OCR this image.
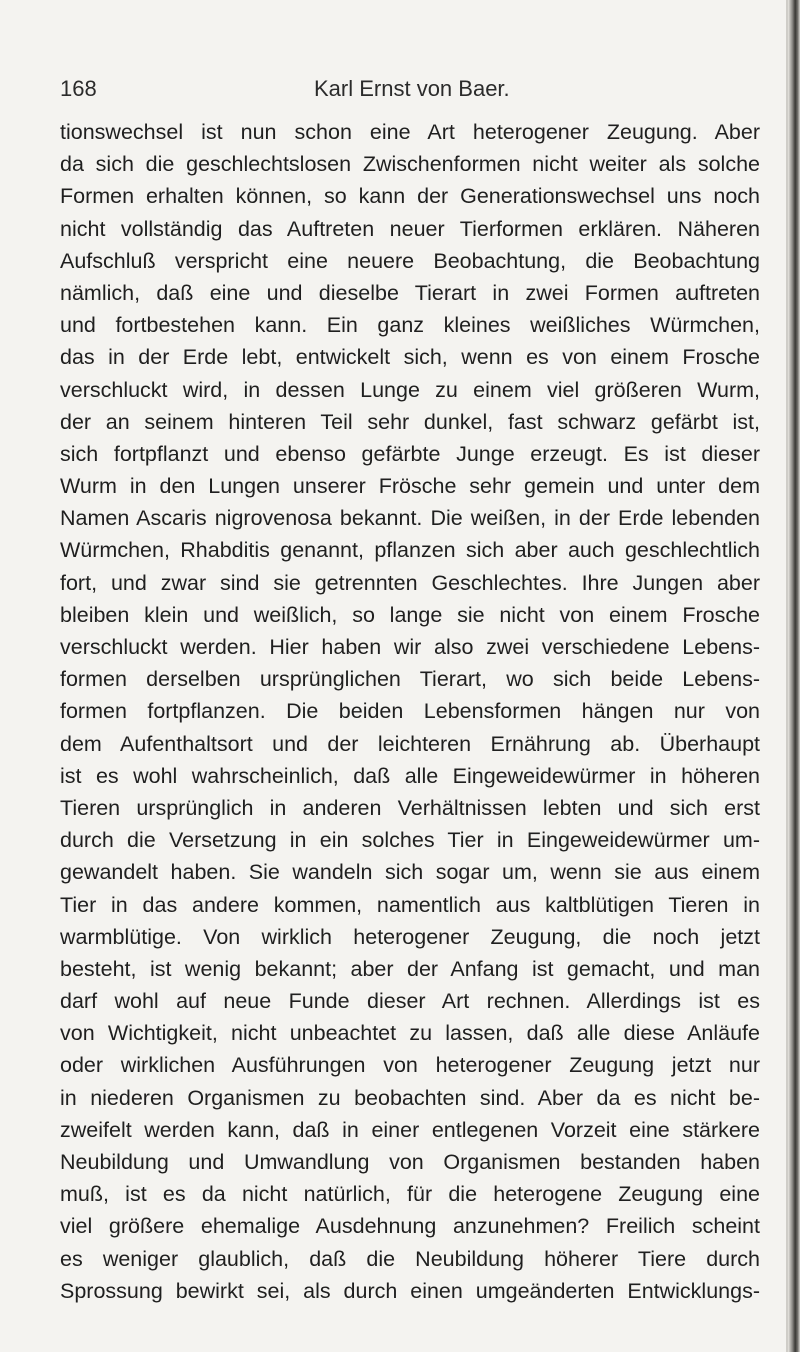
168	Karl Ernst von Baer.
tionswechsel ist nun schon eine Art heterogener Zeugung. Aber
da sich die geschlechtslosen Zwischenformen nicht weiter als solche
Formen erhalten können, so kann der Generationswechsel uns noch
nicht vollständig das Auftreten neuer Tierformen erklären. Näheren
Aufschluß verspricht eine neuere Beobachtung, die Beobachtung
nämlich, daß eine und dieselbe Tierart in zwei Formen auftreten
und fortbestehen kann. Ein ganz kleines weißliches Würmchen,
das in der Erde lebt, entwickelt sich, wenn es von einem Frosche
verschluckt wird, in dessen Lunge zu einem viel größeren Wurm,
der an seinem hinteren Teil sehr dunkel, fast schwarz gefärbt ist,
sich fortpflanzt und ebenso gefärbte Junge erzeugt. Es ist dieser
Wurm in den Lungen unserer Frösche sehr gemein und unter dem
Namen Ascaris nigrovenosa bekannt. Die weißen, in der Erde lebenden
Würmchen, Rhabditis genannt, pflanzen sich aber auch geschlechtlich
fort, und zwar sind sie getrennten Geschlechtes. Ihre Jungen aber
bleiben klein und weißlich, so lange sie nicht von einem Frosche
verschluckt werden. Hier haben wir also zwei verschiedene Lebens-
formen derselben ursprünglichen Tierart, wo sich beide Lebens-
formen fortpflanzen. Die beiden Lebensformen hängen nur von
dem Aufenthaltsort und der leichteren Ernährung ab. Überhaupt
ist es wohl wahrscheinlich, daß alle Eingeweidewürmer in höheren
Tieren ursprünglich in anderen Verhältnissen lebten und sich erst
durch die Versetzung in ein solches Tier in Eingeweidewürmer um-
gewandelt haben. Sie wandeln sich sogar um, wenn sie aus einem
Tier in das andere kommen, namentlich aus kaltblütigen Tieren in
warmblütige. Von wirklich heterogener Zeugung, die noch jetzt
besteht, ist wenig bekannt; aber der Anfang ist gemacht, und man
darf wohl auf neue Funde dieser Art rechnen. Allerdings ist es
von Wichtigkeit, nicht unbeachtet zu lassen, daß alle diese Anläufe
oder wirklichen Ausführungen von heterogener Zeugung jetzt nur
in niederen Organismen zu beobachten sind. Aber da es nicht be-
zweifelt werden kann, daß in einer entlegenen Vorzeit eine stärkere
Neubildung und Umwandlung von Organismen bestanden haben
muß, ist es da nicht natürlich, für die heterogene Zeugung eine
viel größere ehemalige Ausdehnung anzunehmen? Freilich scheint
es weniger glaublich, daß die Neubildung höherer Tiere durch
Sprossung bewirkt sei, als durch einen umgeänderten Entwicklungs-
